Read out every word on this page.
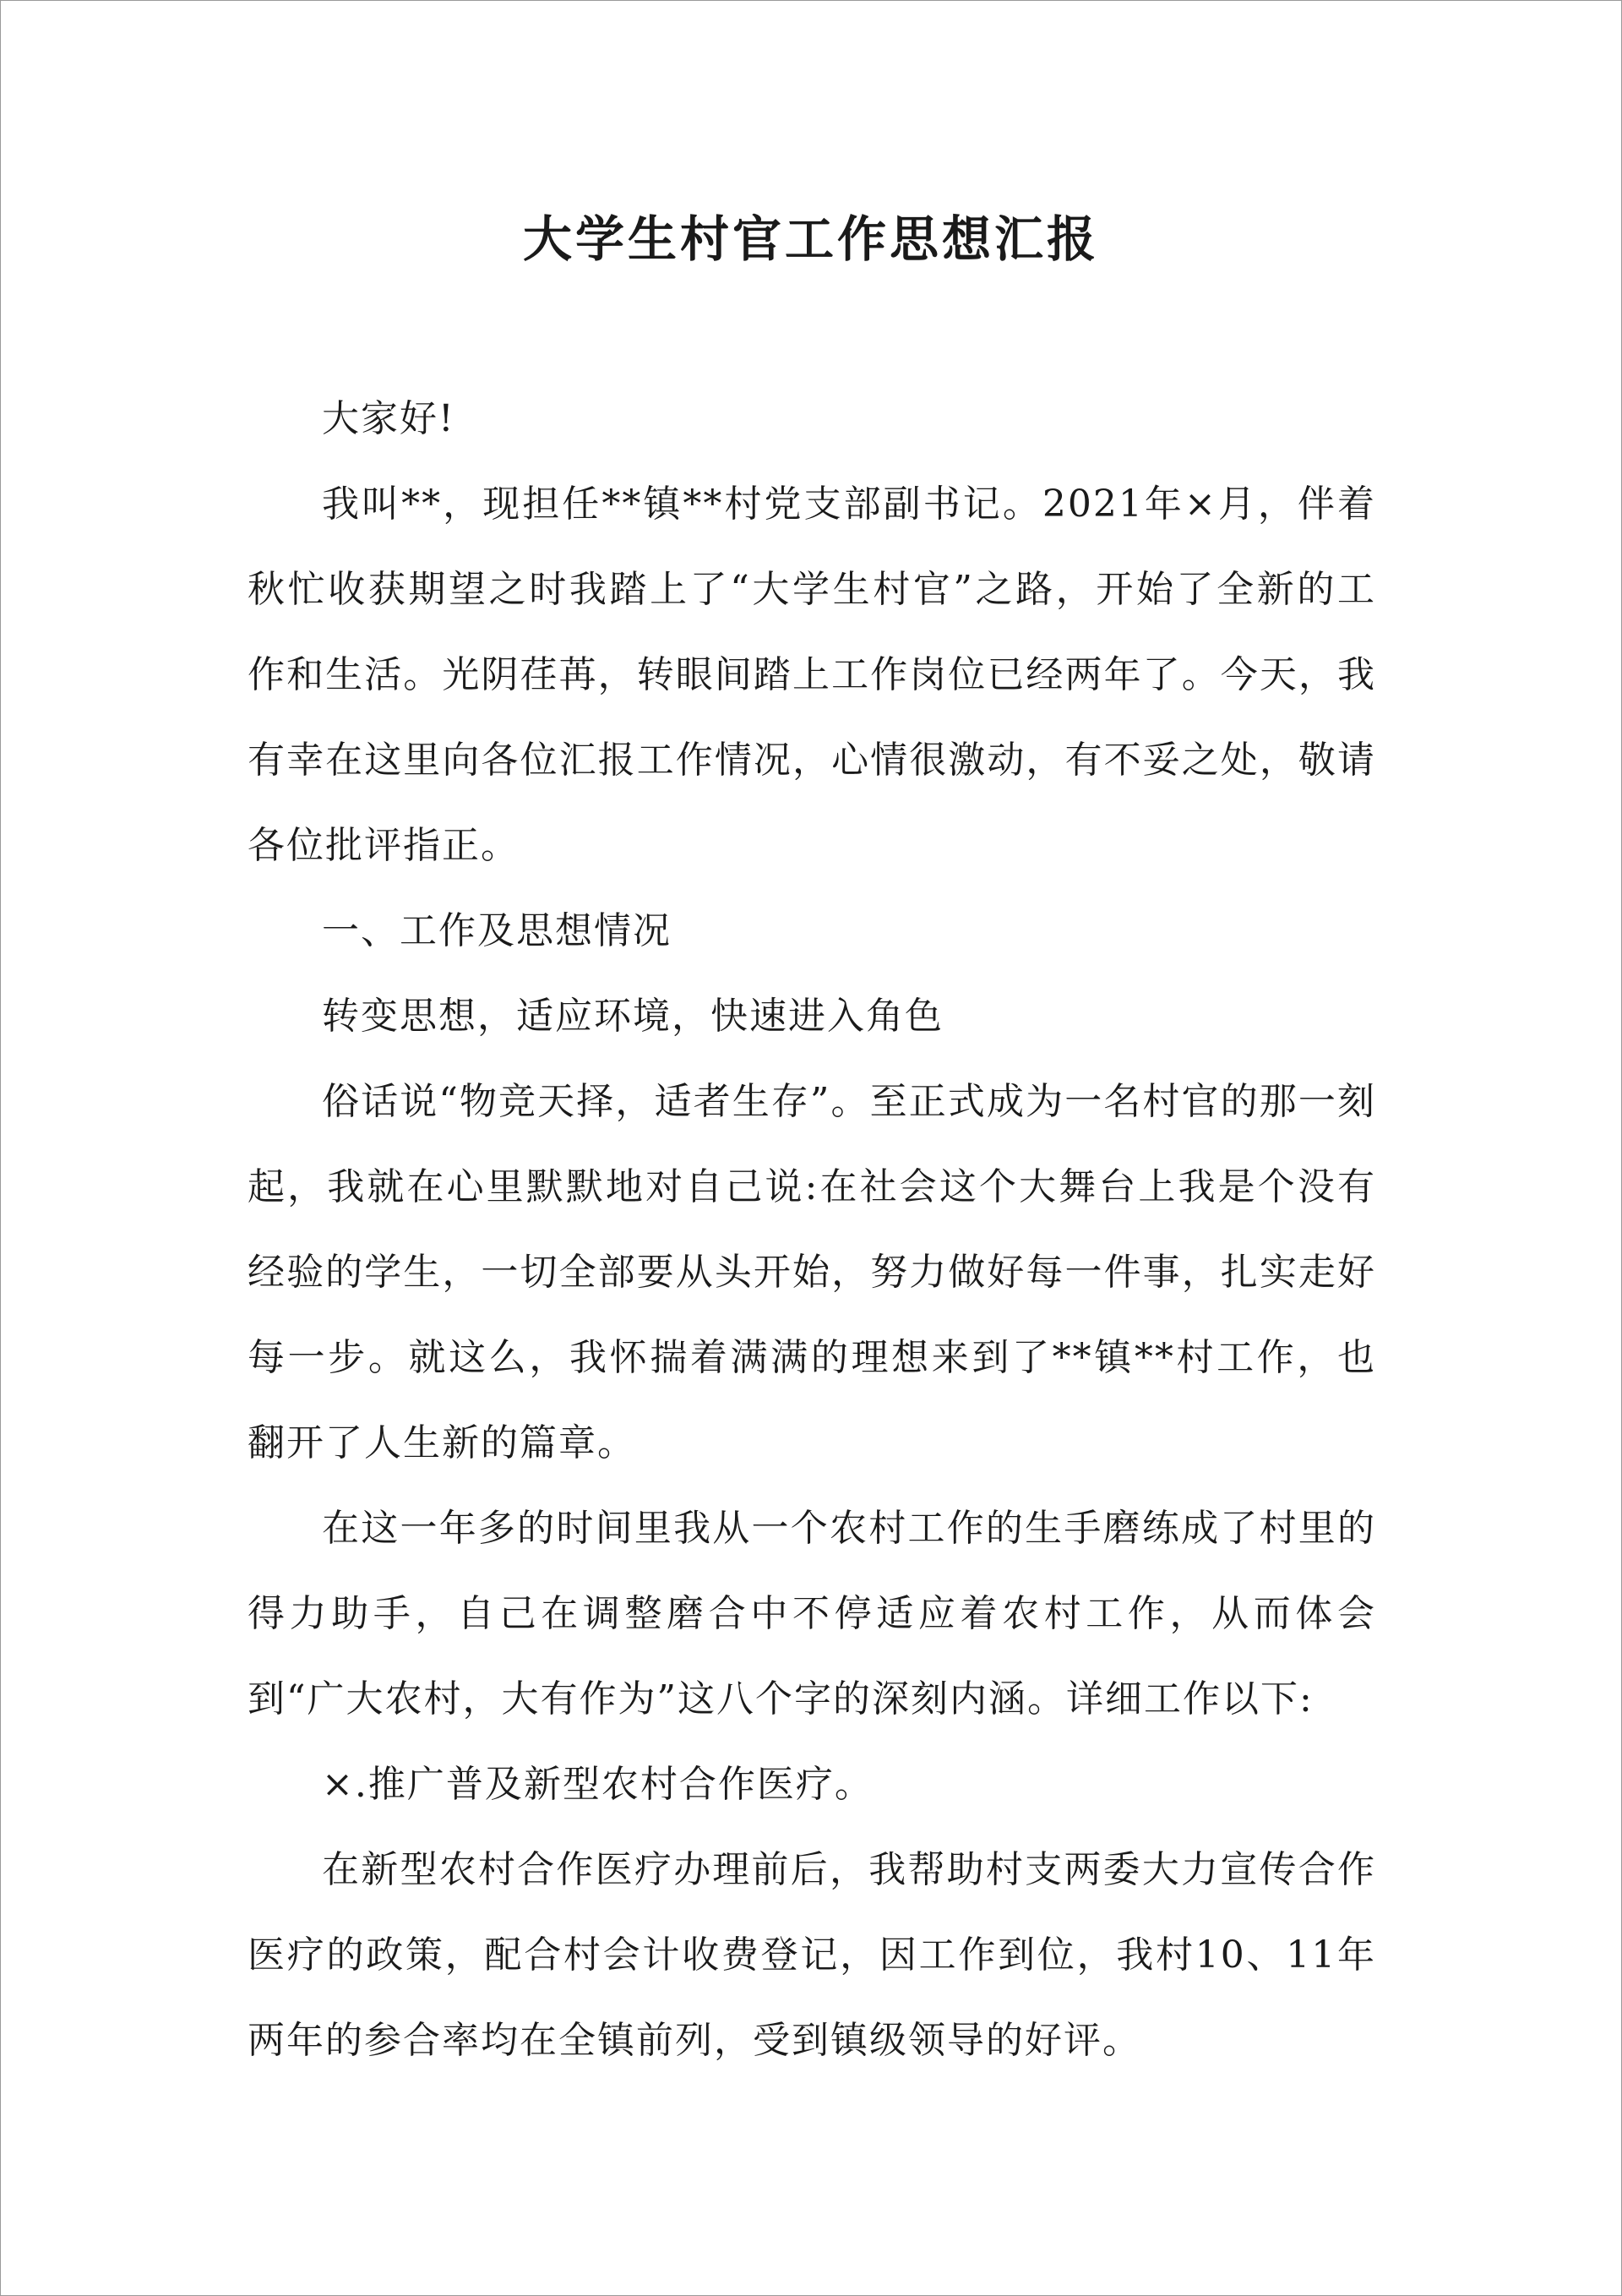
大学生村官工作思想汇报

大家好!

我叫**，现担任**镇**村党支部副书记。2021年×月，伴着秋忙收获期望之时我踏上了“大学生村官”之路，开始了全新的工作和生活。光阴荏苒，转眼间踏上工作岗位已经两年了。今天，我有幸在这里向各位汇报工作情况，心情很激动，有不妥之处，敬请各位批评指正。

一、工作及思想情况

转变思想，适应环境，快速进入角色

俗话说“物竞天择，适者生存”。至正式成为一名村官的那一刻起，我就在心里默默地对自己说:在社会这个大舞台上我是个没有经验的学生，一切全部要从头开始，努力做好每一件事，扎实走好每一步。就这么，我怀揣着满满的理想来到了**镇**村工作，也翻开了人生新的篇章。

在这一年多的时间里我从一个农村工作的生手磨练成了村里的得力助手，自己在调整磨合中不停适应着农村工作，从而体会到“广大农村，大有作为”这八个字的深刻内涵。详细工作以下:

×.推广普及新型农村合作医疗。

在新型农村合作医疗办理前后，我帮助村支两委大力宣传合作医疗的政策，配合村会计收费登记，因工作到位，我村10、11年两年的参合率均在全镇前列，受到镇级领导的好评。
